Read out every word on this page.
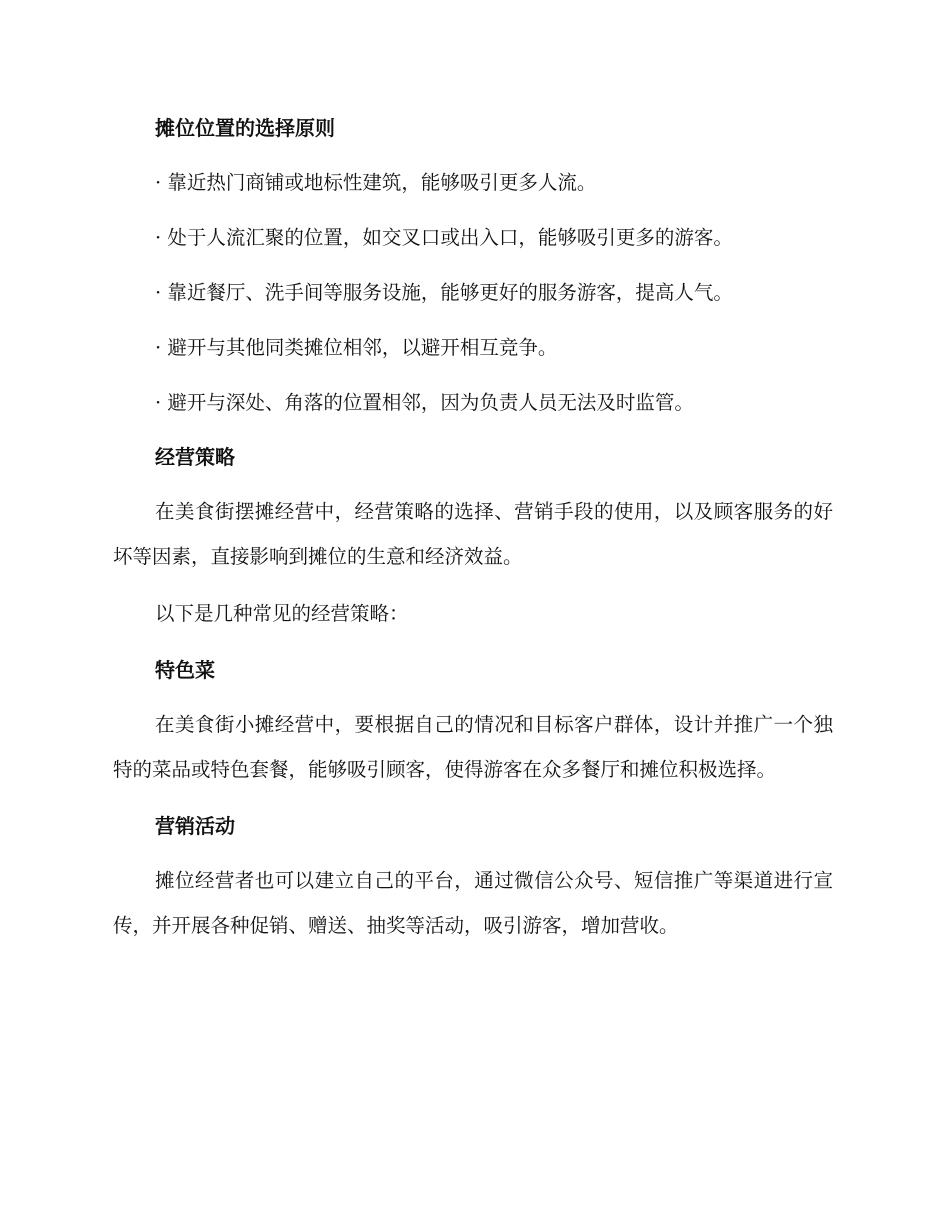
摊位位置的选择原则

· 靠近热门商铺或地标性建筑，能够吸引更多人流。

· 处于人流汇聚的位置，如交叉口或出入口，能够吸引更多的游客。

· 靠近餐厅、洗手间等服务设施，能够更好的服务游客，提高人气。

· 避开与其他同类摊位相邻，以避开相互竞争。

· 避开与深处、角落的位置相邻，因为负责人员无法及时监管。

经营策略

在美食街摆摊经营中，经营策略的选择、营销手段的使用，以及顾客服务的好坏等因素，直接影响到摊位的生意和经济效益。

以下是几种常见的经营策略：

特色菜

在美食街小摊经营中，要根据自己的情况和目标客户群体，设计并推广一个独特的菜品或特色套餐，能够吸引顾客，使得游客在众多餐厅和摊位积极选择。

营销活动

摊位经营者也可以建立自己的平台，通过微信公众号、短信推广等渠道进行宣传，并开展各种促销、赠送、抽奖等活动，吸引游客，增加营收。
